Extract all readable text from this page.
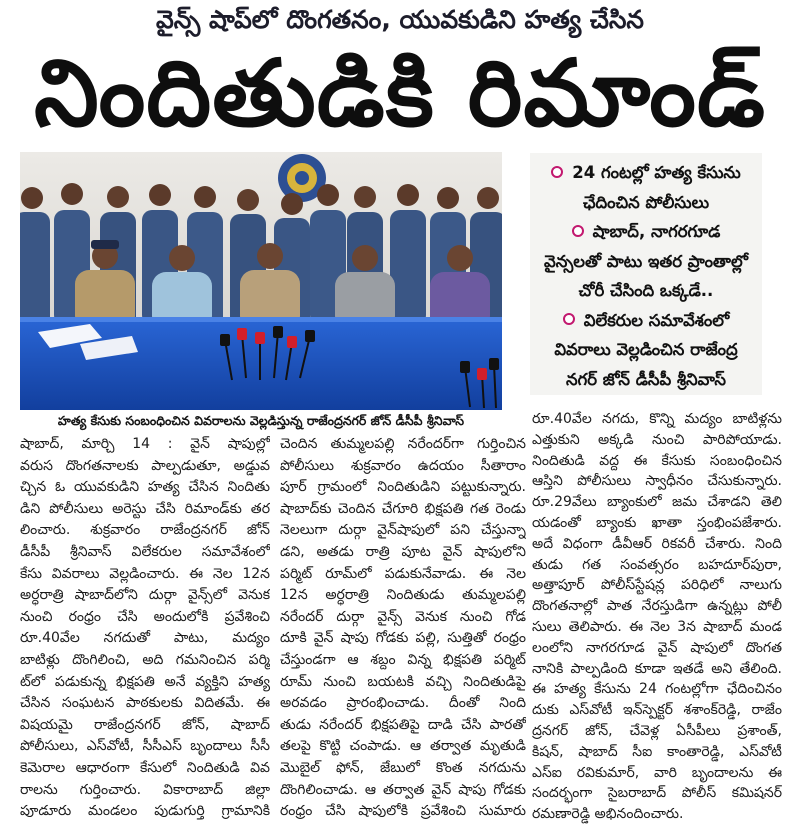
వైన్స్ షాప్‌లో దొంగతనం, యువకుడిని హత్య చేసిన
నిందితుడికి రిమాండ్
హత్య కేసుకు సంబంధించిన వివరాలను వెల్లడిస్తున్న రాజేంద్రనగర్ జోన్ డీసీపీ శ్రీనివాస్
24 గంటల్లో హత్య కేసును
ఛేదించిన పోలీసులు
షాబాద్, నాగరగూడ
వైన్సలతో పాటు ఇతర ప్రాంతాల్లో
చోరీ చేసింది ఒక్కడే..
విలేకరుల సమావేశంలో
వివరాలు వెల్లడించిన రాజేంద్ర
నగర్ జోన్ డీసీపీ శ్రీనివాస్
షాబాద్, మార్చి 14 : వైన్ షాపుల్లో
వరుస దొంగతనాలకు పాల్పడుతూ, అడ్డువ
చ్చిన ఓ యువకుడిని హత్య చేసిన నిందితు
డిని పోలీసులు అరెస్టు చేసి రిమాండ్‌కు తర
లించారు. శుక్రవారం రాజేంద్రనగర్ జోన్
డీసీపీ శ్రీనివాస్ విలేకరుల సమావేశంలో
కేసు వివరాలు వెల్లడించారు. ఈ నెల 12న
అర్ధరాత్రి షాబాద్‌లోని దుర్గా వైన్స్‌లో వెనుక
నుంచి రంధ్రం చేసి అందులోకి ప్రవేశించి
రూ.40వేల నగదుతో పాటు, మద్యం
బాటిళ్లు దొంగిలించి, అది గమనించిన పర్మి
ట్‌లో పడుకున్న భిక్షపతి అనే వ్యక్తిని హత్య
చేసిన సంఘటన పాఠకులకు విదితమే. ఈ
విషయమై రాజేంద్రనగర్ జోన్, షాబాద్
పోలీసులు, ఎస్‌వోటీ, సీసీఎస్ బృందాలు సీసీ
కెమెరాల ఆధారంగా కేసులో నిందితుడి వివ
రాలను గుర్తించారు. వికారాబాద్ జిల్లా
పూడూరు మండలం పుడుగుర్తి గ్రామానికి
చెందిన తుమ్మలపల్లి నరేందర్‌గా గుర్తించిన
పోలీసులు శుక్రవారం ఉదయం సీతారాం
పూర్ గ్రామంలో నిందితుడిని పట్టుకున్నారు.
షాబాద్‌కు చెందిన చేగూరి భిక్షపతి గత రెండు
నెలలుగా దుర్గా వైన్‌షాపులో పని చేస్తున్నా
డని, అతడు రాత్రి పూట వైన్ షాపులోని
పర్మిట్ రూమ్‌లో పడుకునేవాడు. ఈ నెల
12న అర్ధరాత్రి నిందితుడు తుమ్మలపల్లి
నరేందర్ దుర్గా వైన్స్ వెనుక నుంచి గోడ
దూకి వైన్ షాపు గోడకు పల్లి, సుత్తితో రంధ్రం
చేస్తుండగా ఆ శబ్దం విన్న భిక్షపతి పర్మిట్
రూమ్ నుంచి బయటకి వచ్చి నిందితుడిపై
అరవడం ప్రారంభించాడు. దీంతో నింది
తుడు నరేందర్ భిక్షపతిపై దాడి చేసి పారతో
తలపై కొట్టి చంపాడు. ఆ తర్వాత మృతుడి
మొబైల్ ఫోన్, జేబులో కొంత నగదును
దొంగిలించాడు. ఆ తర్వాత వైన్ షాపు గోడకు
రంధ్రం చేసి షాపులోకి ప్రవేశించి సుమారు
రూ.40వేల నగదు, కొన్ని మద్యం బాటిళ్లను
ఎత్తుకుని అక్కడి నుంచి పారిపోయాడు.
నిందితుడి వద్ద ఈ కేసుకు సంబంధించిన
ఆస్తిని పోలీసులు స్వాధీనం చేసుకున్నారు.
రూ.29వేలు బ్యాంకులో జమ చేశాడని తెలి
యడంతో బ్యాంకు ఖాతా స్తంభింపజేశారు.
అదే విధంగా డీవీఆర్ రికవరీ చేశారు. నింది
తుడు గత సంవత్సరం బహదూర్‌పురా,
అత్తాపూర్ పోలీస్‌స్టేషన్ల పరిధిలో నాలుగు
దొంగతనాల్లో పాత నేరస్తుడిగా ఉన్నట్లు పోలీ
సులు తెలిపారు. ఈ నెల 3న షాబాద్ మండ
లంలోని నాగరగూడ వైన్ షాపులో దొంగత
నానికి పాల్పడింది కూడా ఇతడే అని తేలింది.
ఈ హత్య కేసును 24 గంటల్లోగా ఛేదించినం
దుకు ఎస్‌వోటీ ఇన్‌స్పెక్టర్ శశాంక్‌రెడ్డి, రాజేం
ద్రనగర్ జోన్, చేవెళ్ల ఏసీపీలు ప్రశాంత్,
కిషన్, షాబాద్ సీఐ కాంతారెడ్డి, ఎస్‌వోటీ
ఎస్ఐ రవికుమార్, వారి బృందాలను ఈ
సందర్భంగా సైబరాబాద్ పోలీస్ కమిషనర్
రమణారెడ్డి అభినందించారు.
